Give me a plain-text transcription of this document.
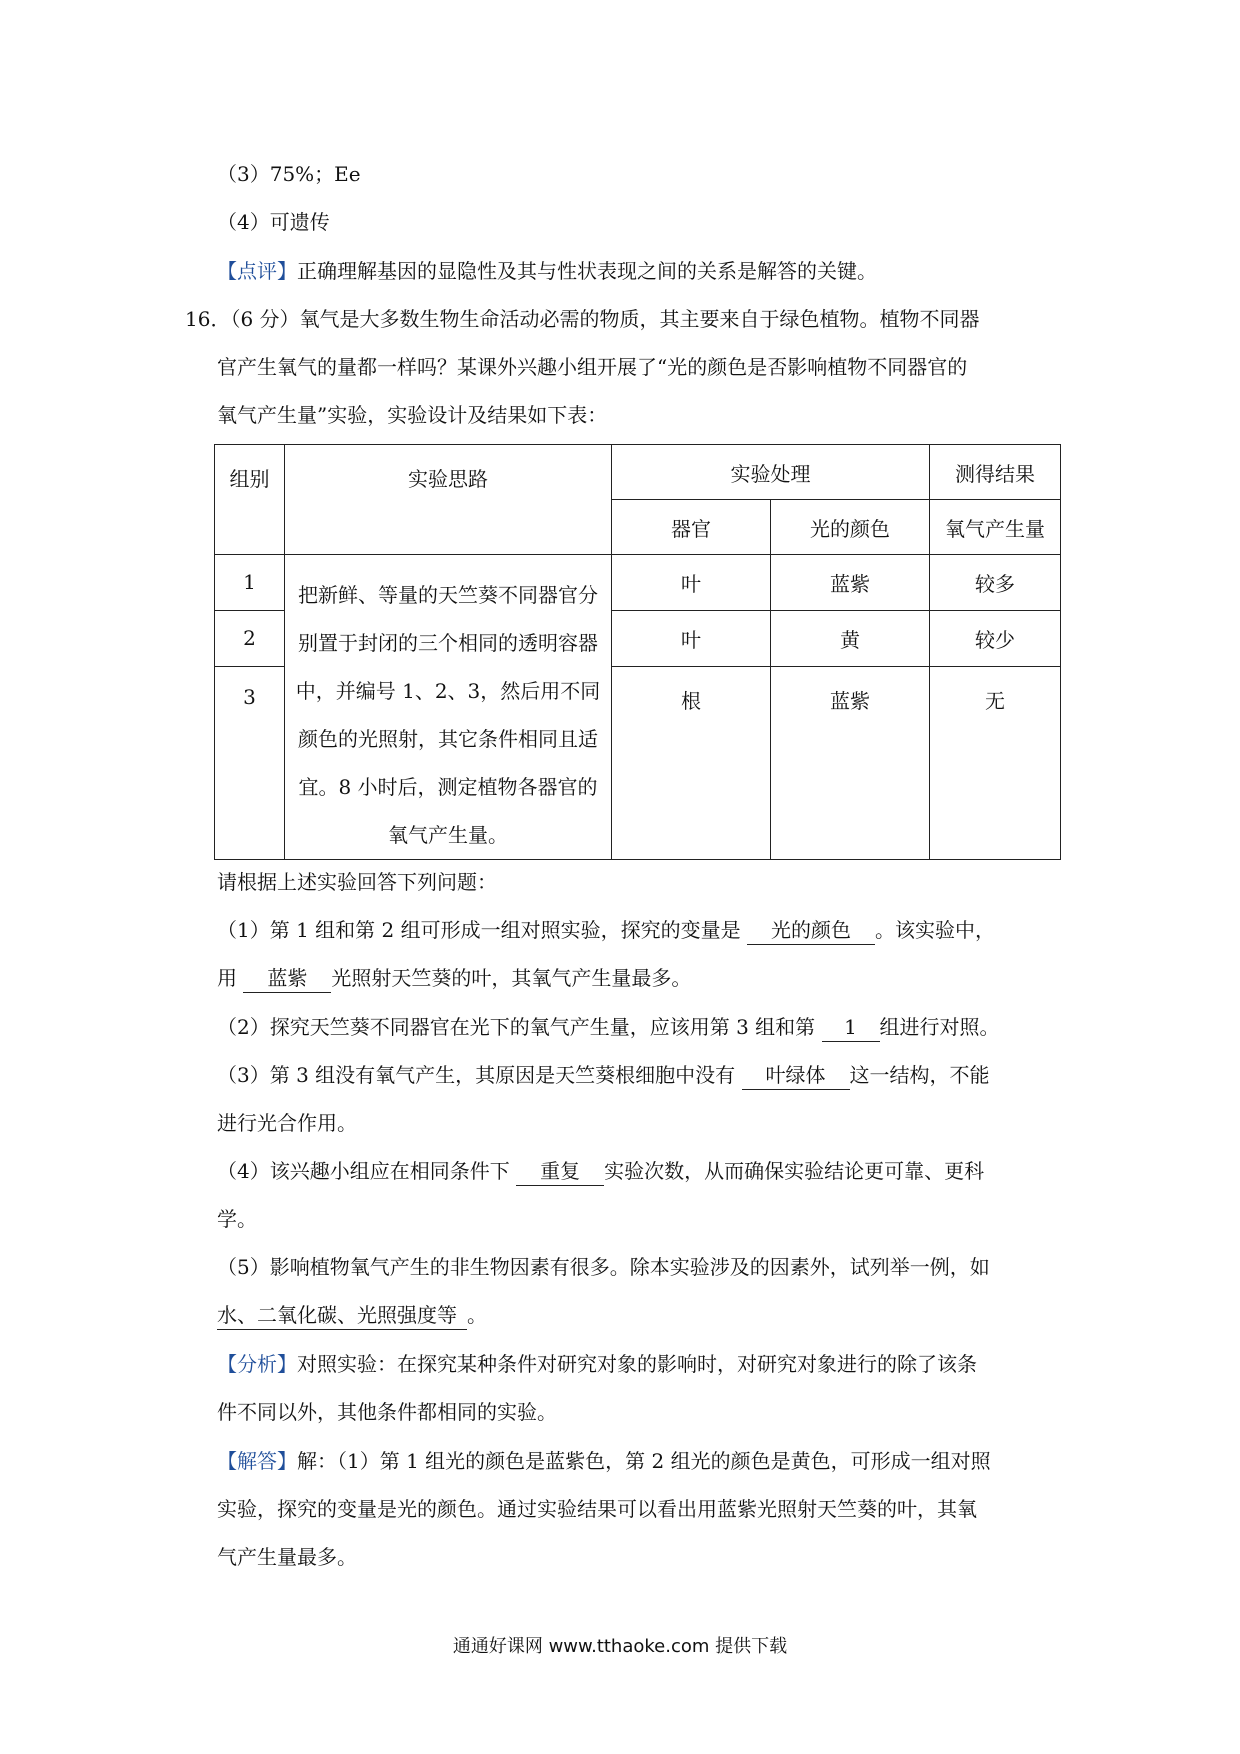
（3）75%；Ee
（4）可遗传
【点评】正确理解基因的显隐性及其与性状表现之间的关系是解答的关键。
16．（6 分）氧气是大多数生物生命活动必需的物质，其主要来自于绿色植物。植物不同器
官产生氧气的量都一样吗？某课外兴趣小组开展了“光的颜色是否影响植物不同器官的
氧气产生量”实验，实验设计及结果如下表：
组别	实验思路	实验处理		测得结果
		器官	光的颜色	氧气产生量
1	把新鲜、等量的天竺葵不同器官分别置于封闭的三个相同的透明容器中，并编号 1、2、3，然后用不同颜色的光照射，其它条件相同且适宜。8 小时后，测定植物各器官的氧气产生量。	叶	蓝紫	较多
2		叶	黄	较少
3		根	蓝紫	无
请根据上述实验回答下列问题：
（1）第 1 组和第 2 组可形成一组对照实验，探究的变量是 光的颜色 。该实验中，
用 蓝紫 光照射天竺葵的叶，其氧气产生量最多。
（2）探究天竺葵不同器官在光下的氧气产生量，应该用第 3 组和第 1 组进行对照。
（3）第 3 组没有氧气产生，其原因是天竺葵根细胞中没有 叶绿体 这一结构，不能
进行光合作用。
（4）该兴趣小组应在相同条件下 重复 实验次数，从而确保实验结论更可靠、更科
学。
（5）影响植物氧气产生的非生物因素有很多。除本实验涉及的因素外，试列举一例，如
水、二氧化碳、光照强度等 。
【分析】对照实验：在探究某种条件对研究对象的影响时，对研究对象进行的除了该条
件不同以外，其他条件都相同的实验。
【解答】解：（1）第 1 组光的颜色是蓝紫色，第 2 组光的颜色是黄色，可形成一组对照
实验，探究的变量是光的颜色。通过实验结果可以看出用蓝紫光照射天竺葵的叶，其氧
气产生量最多。
通通好课网 www.tthaoke.com 提供下载
